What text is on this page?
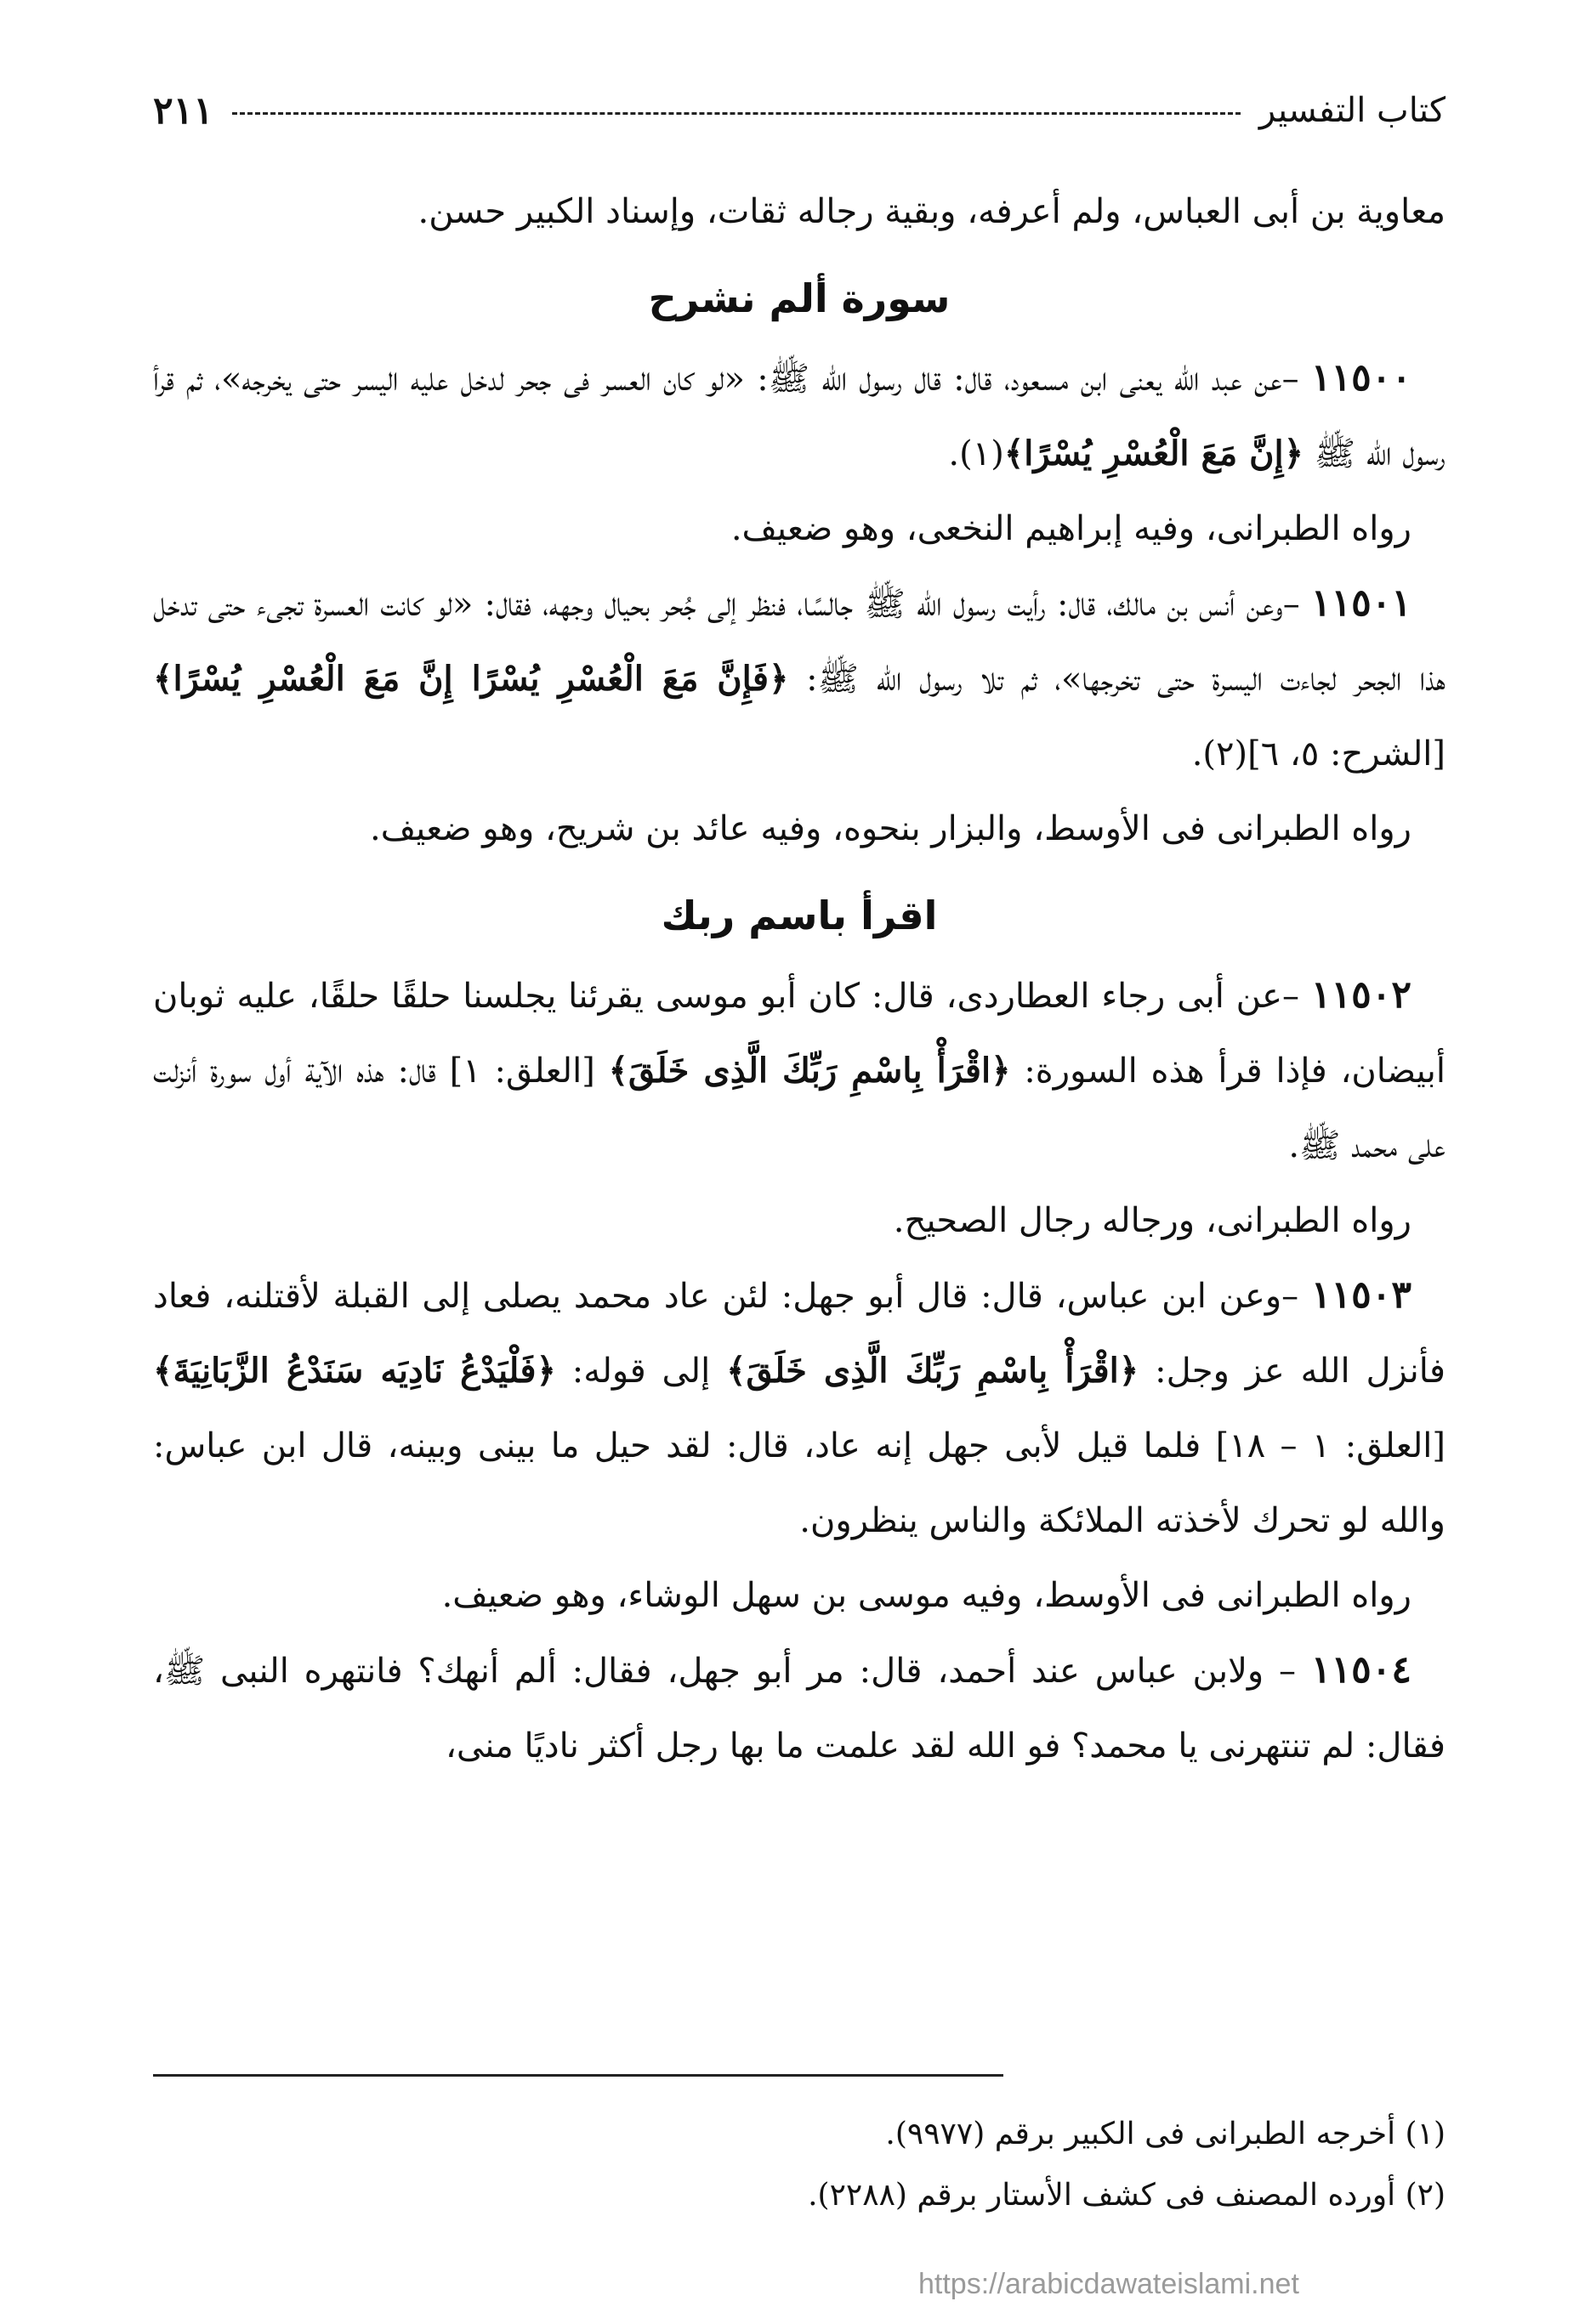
كتاب التفسير
٢١١

معاوية بن أبى العباس، ولم أعرفه، وبقية رجاله ثقات، وإسناد الكبير حسن.

سورة ألم نشرح

١١٥٠٠ –عن عبد الله يعنى ابن مسعود، قال: قال رسول الله ﷺ: «لو كان العسر فى جحر لدخل عليه اليسر حتى يخرجه»، ثم قرأ رسول الله ﷺ ﴿إِنَّ مَعَ الْعُسْرِ يُسْرًا﴾(١).

رواه الطبرانى، وفيه إبراهيم النخعى، وهو ضعيف.

١١٥٠١ –وعن أنس بن مالك، قال: رأيت رسول الله ﷺ جالسًا، فنظر إلى جُحر بحيال وجهه، فقال: «لو كانت العسرة تجىء حتى تدخل هذا الجحر لجاءت اليسرة حتى تخرجها»، ثم تلا رسول الله ﷺ: ﴿فَإِنَّ مَعَ الْعُسْرِ يُسْرًا إِنَّ مَعَ الْعُسْرِ يُسْرًا﴾ [الشرح: ٥، ٦](٢).

رواه الطبرانى فى الأوسط، والبزار بنحوه، وفيه عائد بن شريح، وهو ضعيف.

اقرأ باسم ربك

١١٥٠٢ –عن أبى رجاء العطاردى، قال: كان أبو موسى يقرئنا يجلسنا حلقًا حلقًا، عليه ثوبان أبيضان، فإذا قرأ هذه السورة: ﴿اقْرَأْ بِاسْمِ رَبِّكَ الَّذِى خَلَقَ﴾ [العلق: ١] قال: هذه الآية أول سورة أنزلت على محمد ﷺ.

رواه الطبرانى، ورجاله رجال الصحيح.

١١٥٠٣ –وعن ابن عباس، قال: قال أبو جهل: لئن عاد محمد يصلى إلى القبلة لأقتلنه، فعاد فأنزل الله عز وجل: ﴿اقْرَأْ بِاسْمِ رَبِّكَ الَّذِى خَلَقَ﴾ إلى قوله: ﴿فَلْيَدْعُ نَادِيَه سَنَدْعُ الزَّبَانِيَةَ﴾ [العلق: ١ – ١٨] فلما قيل لأبى جهل إنه عاد، قال: لقد حيل ما بينى وبينه، قال ابن عباس: والله لو تحرك لأخذته الملائكة والناس ينظرون.

رواه الطبرانى فى الأوسط، وفيه موسى بن سهل الوشاء، وهو ضعيف.

١١٥٠٤ – ولابن عباس عند أحمد، قال: مر أبو جهل، فقال: ألم أنهك؟ فانتهره النبى ﷺ، فقال: لم تنتهرنى يا محمد؟ فو الله لقد علمت ما بها رجل أكثر ناديًا منى،

(١) أخرجه الطبرانى فى الكبير برقم (٩٩٧٧).

(٢) أورده المصنف فى كشف الأستار برقم (٢٢٨٨).

https://arabicdawateislami.net
